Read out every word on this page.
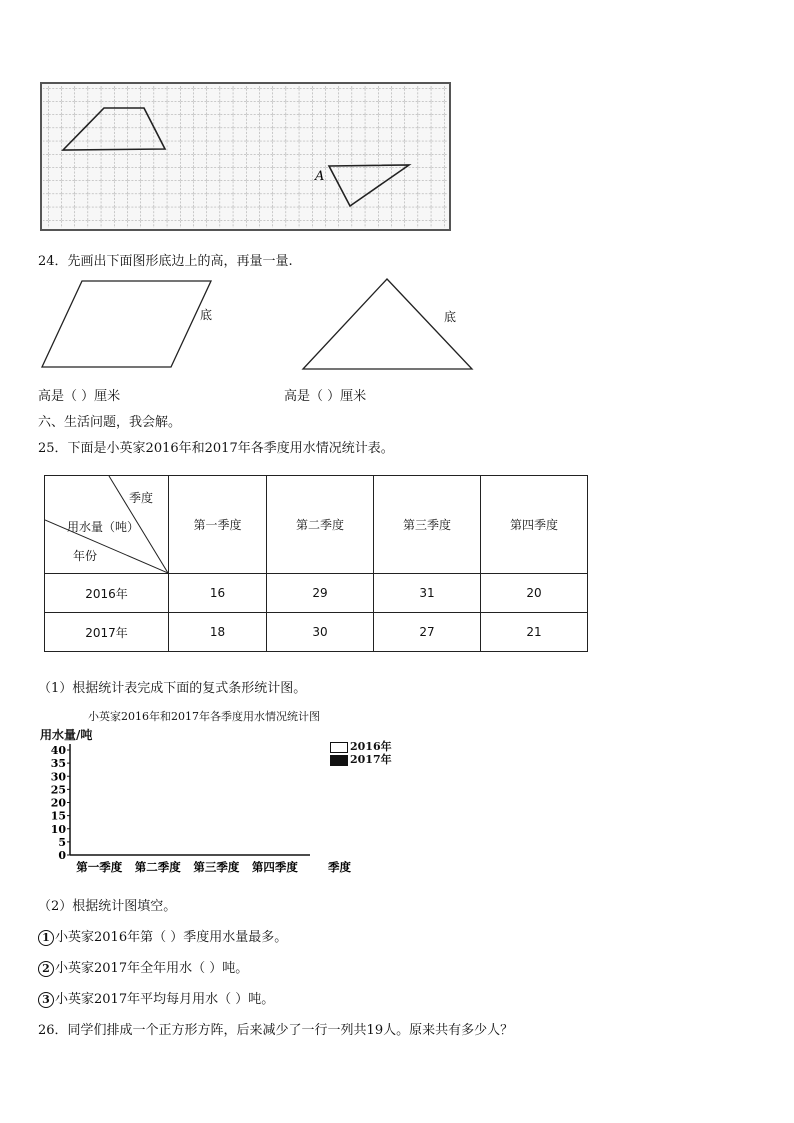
A
24．先画出下面图形底边上的高，再量一量.
底	底
高是（ ）厘米	高是（ ）厘米
六、生活问题，我会解。
25．下面是小英家2016年和2017年各季度用水情况统计表。
季度
用水量（吨）
年份	第一季度	第二季度	第三季度	第四季度
2016年	16	29	31	20
2017年	18	30	27	21
（1）根据统计表完成下面的复式条形统计图。
小英家2016年和2017年各季度用水情况统计图
用水量/吨
2016年
2017年
0
5
10
15
20
25
30
35
40
第一季度 第二季度 第三季度 第四季度	季度
（2）根据统计图填空。
1 小英家2016年第（ ）季度用水量最多。
2 小英家2017年全年用水（ ）吨。
3 小英家2017年平均每月用水（ ）吨。
26．同学们排成一个正方形方阵，后来减少了一行一列共19人。原来共有多少人？
